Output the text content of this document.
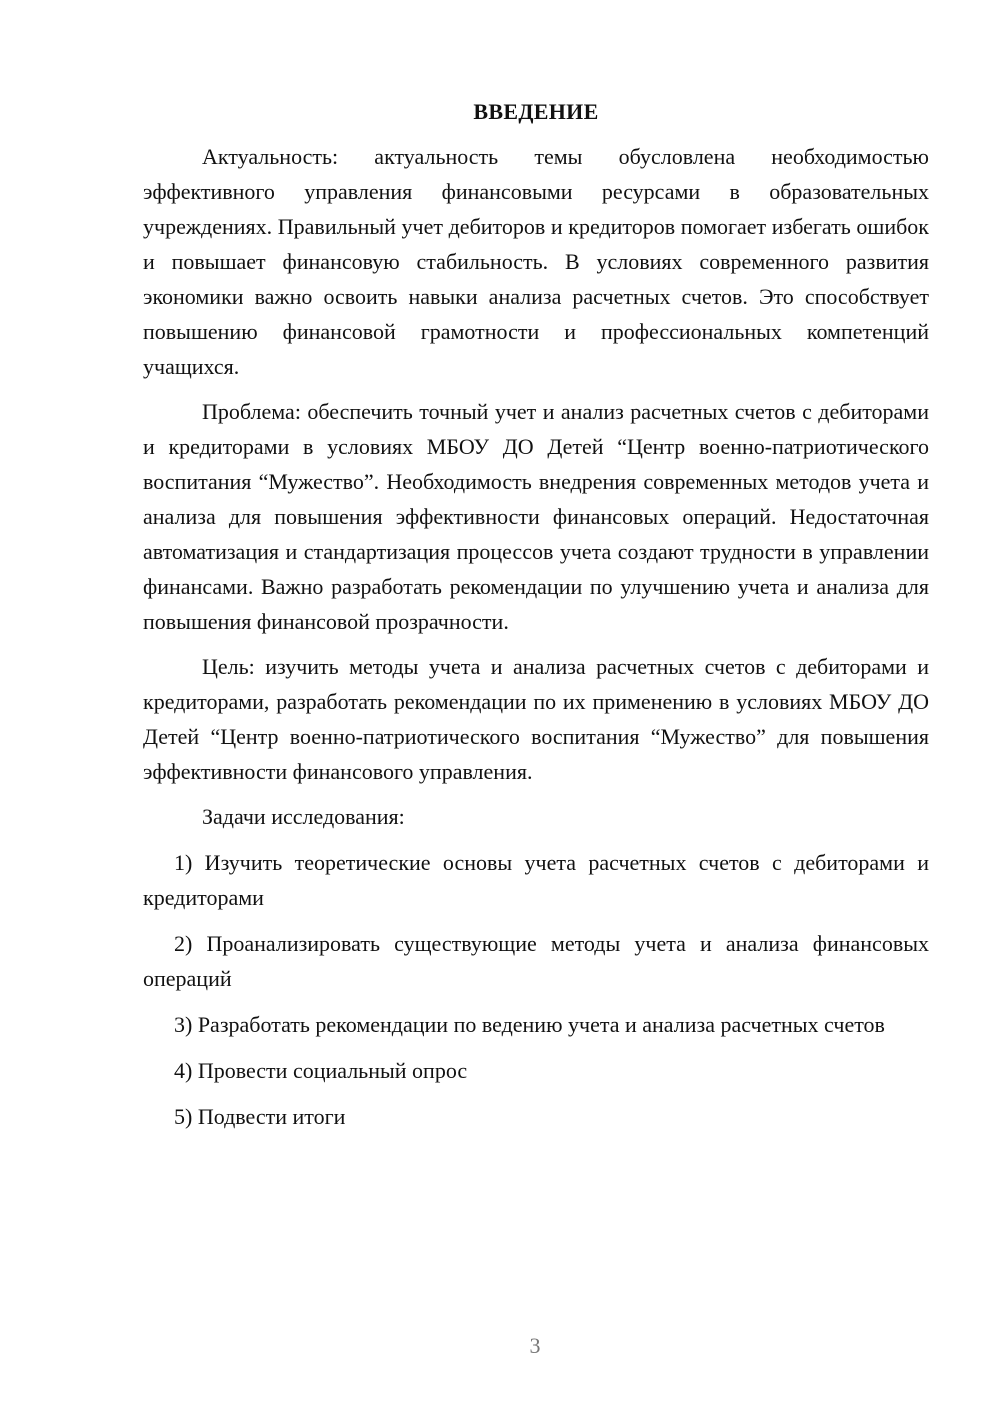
ВВЕДЕНИЕ

Актуальность: актуальность темы обусловлена необходимостью эффективного управления финансовыми ресурсами в образовательных учреждениях. Правильный учет дебиторов и кредиторов помогает избегать ошибок и повышает финансовую стабильность. В условиях современного развития экономики важно освоить навыки анализа расчетных счетов. Это способствует повышению финансовой грамотности и профессиональных компетенций учащихся.

Проблема: обеспечить точный учет и анализ расчетных счетов с дебиторами и кредиторами в условиях МБОУ ДО Детей “Центр военно-патриотического воспитания “Мужество”. Необходимость внедрения современных методов учета и анализа для повышения эффективности финансовых операций. Недостаточная автоматизация и стандартизация процессов учета создают трудности в управлении финансами. Важно разработать рекомендации по улучшению учета и анализа для повышения финансовой прозрачности.

Цель: изучить методы учета и анализа расчетных счетов с дебиторами и кредиторами, разработать рекомендации по их применению в условиях МБОУ ДО Детей “Центр военно-патриотического воспитания “Мужество” для повышения эффективности финансового управления.

Задачи исследования:

1) Изучить теоретические основы учета расчетных счетов с дебиторами и кредиторами

2) Проанализировать существующие методы учета и анализа финансовых операций

3) Разработать рекомендации по ведению учета и анализа расчетных счетов

4) Провести социальный опрос

5) Подвести итоги

3
